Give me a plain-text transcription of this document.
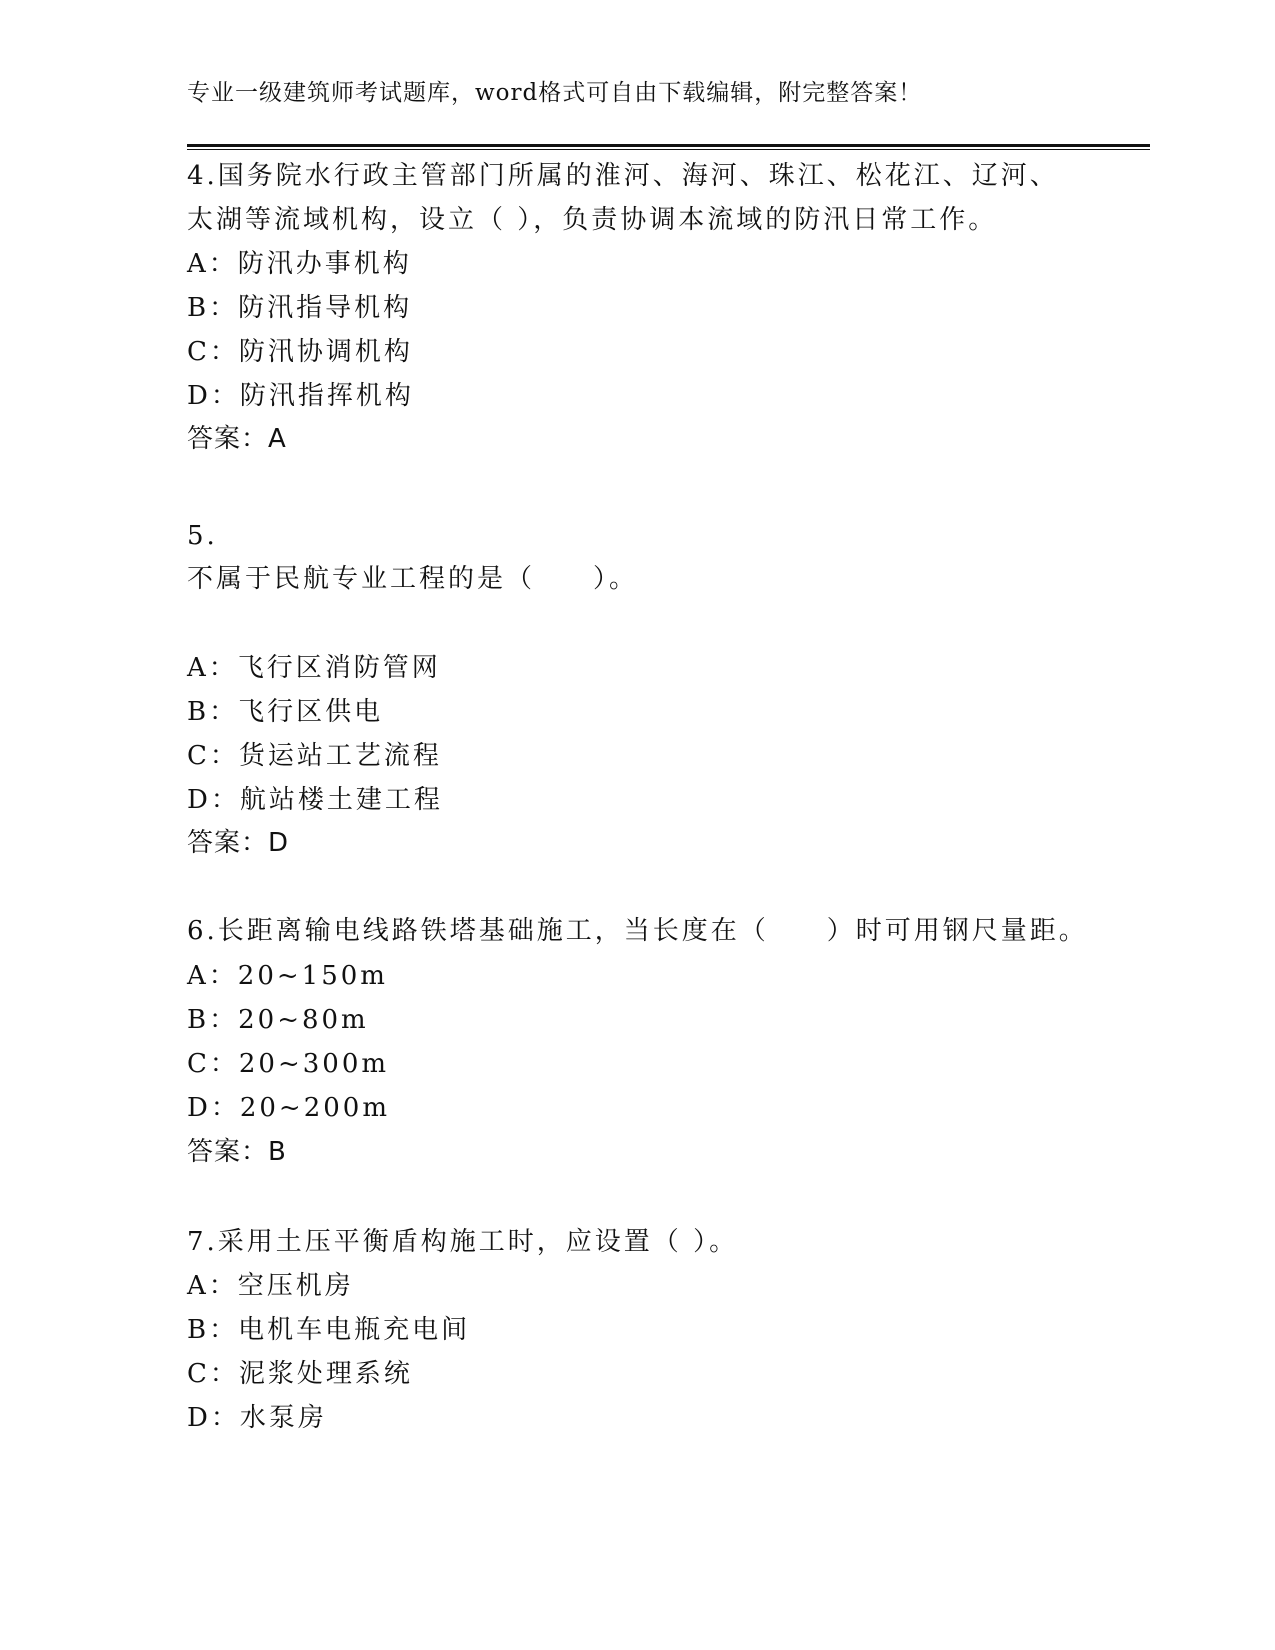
专业一级建筑师考试题库，word格式可自由下载编辑，附完整答案！
4.国务院水行政主管部门所属的淮河、海河、珠江、松花江、辽河、
太湖等流域机构，设立（ ），负责协调本流域的防汛日常工作。
A：防汛办事机构
B：防汛指导机构
C：防汛协调机构
D：防汛指挥机构
答案：A
5.
不属于民航专业工程的是（　　）。
A：飞行区消防管网
B：飞行区供电
C：货运站工艺流程
D：航站楼土建工程
答案：D
6.长距离输电线路铁塔基础施工，当长度在（　　）时可用钢尺量距。
A：20~150m
B：20~80m
C：20~300m
D：20~200m
答案：B
7.采用土压平衡盾构施工时，应设置（ ）。
A：空压机房
B：电机车电瓶充电间
C：泥浆处理系统
D：水泵房
